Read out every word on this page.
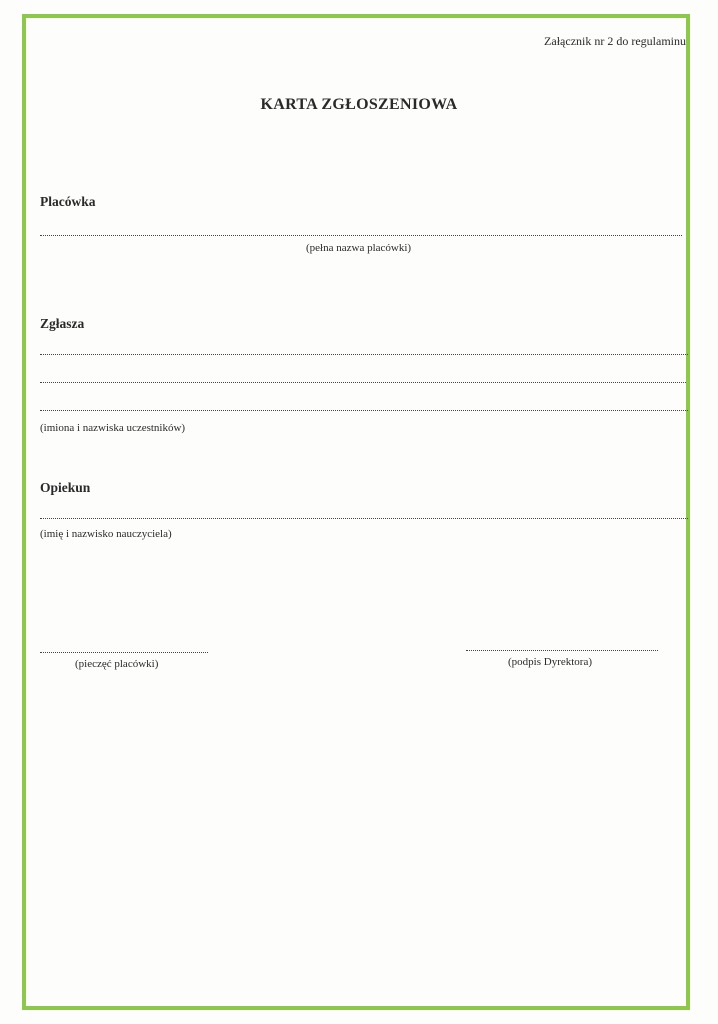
Załącznik nr 2 do regulaminu
KARTA ZGŁOSZENIOWA
Placówka
(pełna nazwa placówki)
Zgłasza
(imiona i nazwiska uczestników)
Opiekun
(imię i nazwisko nauczyciela)
(pieczęć placówki)	(podpis Dyrektora)
